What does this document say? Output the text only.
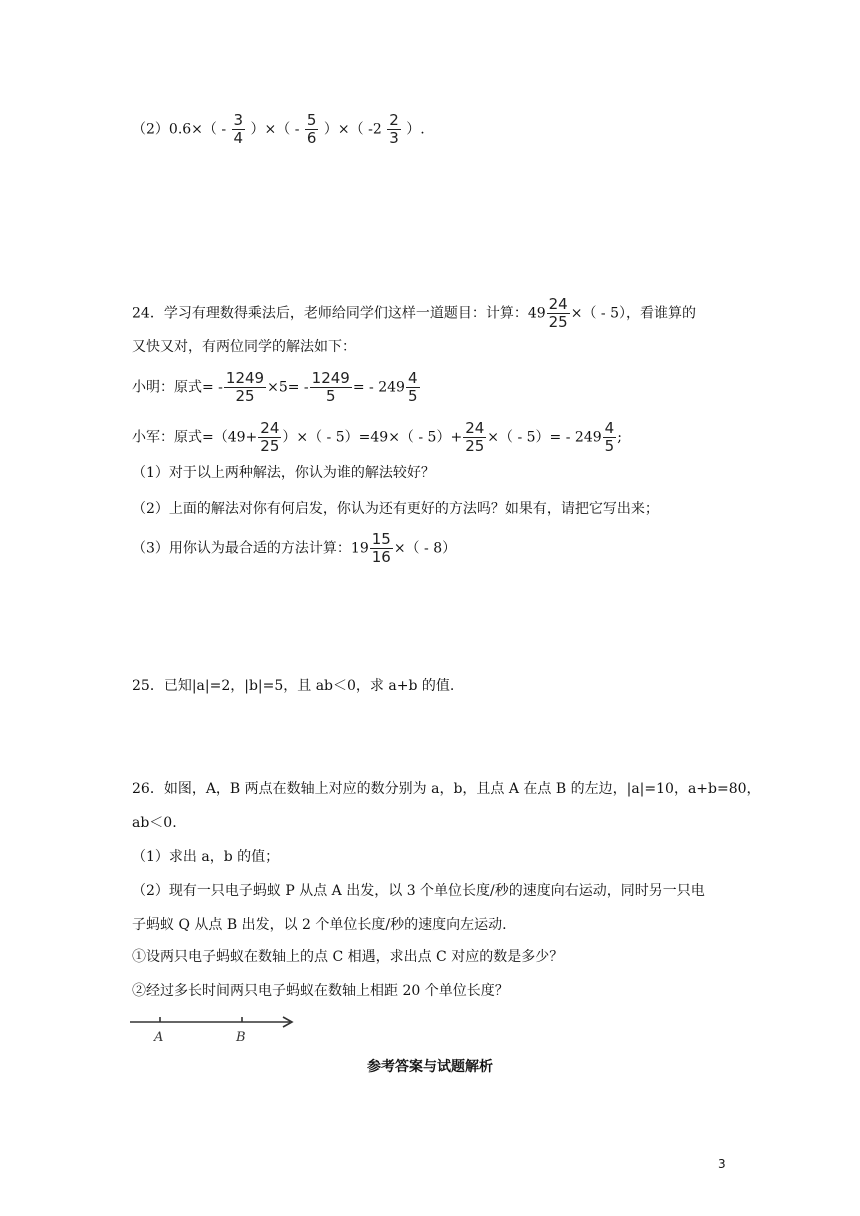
$(2)0.6\times( - \frac{3}{4}$ ）×（ - $\frac{5}{6}$ ）×（ $-2 \frac{2}{3}$ ）.
24．学习有理数得乘法后，老师给同学们这样一道题目：计算：$49 \frac{24}{25}$ ×（ - 5），看谁算的
又快又对，有两位同学的解法如下：
小明：原式= - $\frac{1249}{25} \times 5= - \frac{1249}{5}$ = - $249 \frac{4}{5}$
小军：原式$=(49+ \frac{24}{25}$ ）×（ - $5)=49\times( - 5)+ \frac{24}{25}$ ×（ - $5)= - 249 \frac{4}{5}$ ;
（1）对于以上两种解法，你认为谁的解法较好？
（2）上面的解法对你有何启发，你认为还有更好的方法吗？如果有，请把它写出来；
（3）用你认为最合适的方法计算：$19 \frac{15}{16}$ ×（ - 8）
25．已知|a|=2，|b|=5，且 ab＜0，求 a+b 的值.
26．如图，A，B 两点在数轴上对应的数分别为 a，b，且点 A 在点 B 的左边，|a|=10，a+b=80，
ab＜0.
（1）求出 a，b 的值；
（2）现有一只电子蚂蚁 P 从点 A 出发，以 3 个单位长度/秒的速度向右运动，同时另一只电
子蚂蚁 Q 从点 B 出发，以 2 个单位长度/秒的速度向左运动.
①设两只电子蚂蚁在数轴上的点 C 相遇，求出点 C 对应的数是多少？
②经过多长时间两只电子蚂蚁在数轴上相距 20 个单位长度？
A	B
参考答案与试题解析
3
